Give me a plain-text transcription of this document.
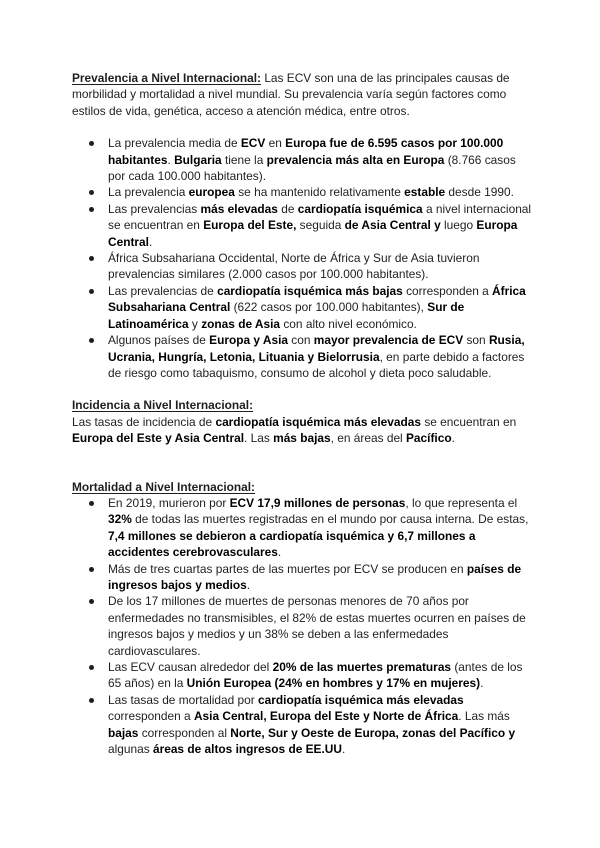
Prevalencia a Nivel Internacional: Las ECV son una de las principales causas de morbilidad y mortalidad a nivel mundial. Su prevalencia varía según factores como estilos de vida, genética, acceso a atención médica, entre otros.

La prevalencia media de ECV en Europa fue de 6.595 casos por 100.000 habitantes. Bulgaria tiene la prevalencia más alta en Europa (8.766 casos por cada 100.000 habitantes).
La prevalencia europea se ha mantenido relativamente estable desde 1990.
Las prevalencias más elevadas de cardiopatía isquémica a nivel internacional se encuentran en Europa del Este, seguida de Asia Central y luego Europa Central.
África Subsahariana Occidental, Norte de África y Sur de Asia tuvieron prevalencias similares (2.000 casos por 100.000 habitantes).
Las prevalencias de cardiopatía isquémica más bajas corresponden a África Subsahariana Central (622 casos por 100.000 habitantes), Sur de Latinoamérica y zonas de Asia con alto nivel económico.
Algunos países de Europa y Asia con mayor prevalencia de ECV son Rusia, Ucrania, Hungría, Letonia, Lituania y Bielorrusia, en parte debido a factores de riesgo como tabaquismo, consumo de alcohol y dieta poco saludable.

Incidencia a Nivel Internacional:

Las tasas de incidencia de cardiopatía isquémica más elevadas se encuentran en Europa del Este y Asia Central. Las más bajas, en áreas del Pacífico.

Mortalidad a Nivel Internacional:

En 2019, murieron por ECV 17,9 millones de personas, lo que representa el 32% de todas las muertes registradas en el mundo por causa interna. De estas, 7,4 millones se debieron a cardiopatía isquémica y 6,7 millones a accidentes cerebrovasculares.
Más de tres cuartas partes de las muertes por ECV se producen en países de ingresos bajos y medios.
De los 17 millones de muertes de personas menores de 70 años por enfermedades no transmisibles, el 82% de estas muertes ocurren en países de ingresos bajos y medios y un 38% se deben a las enfermedades cardiovasculares.
Las ECV causan alrededor del 20% de las muertes prematuras (antes de los 65 años) en la Unión Europea (24% en hombres y 17% en mujeres).
Las tasas de mortalidad por cardiopatía isquémica más elevadas corresponden a Asia Central, Europa del Este y Norte de África. Las más bajas corresponden al Norte, Sur y Oeste de Europa, zonas del Pacífico y algunas áreas de altos ingresos de EE.UU.
